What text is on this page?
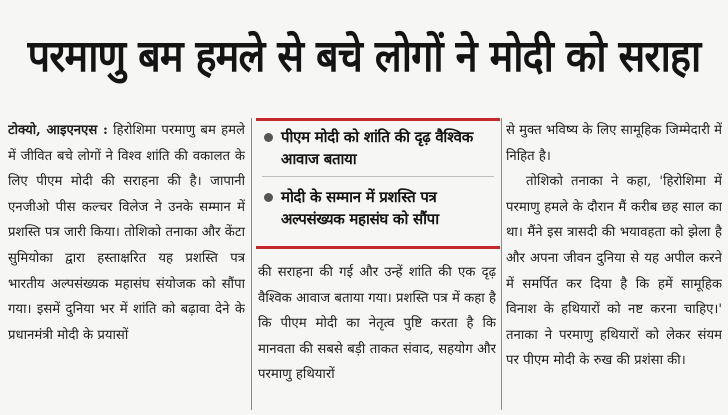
परमाणु बम हमले से बचे लोगों ने मोदी को सराहा

टोक्यो, आइएनएस : हिरोशिमा परमाणु बम हमले में जीवित बचे लोगों ने विश्व शांति की वकालत के लिए पीएम मोदी की सराहना की है। जापानी एनजीओ पीस कल्चर विलेज ने उनके सम्मान में प्रशस्ति पत्र जारी किया। तोशिको तनाका और केंटा सुमियोका द्वारा हस्ताक्षरित यह प्रशस्ति पत्र भारतीय अल्पसंख्यक महासंघ संयोजक को सौंपा गया। इसमें दुनिया भर में शांति को बढ़ावा देने के प्रधानमंत्री मोदी के प्रयासों

पीएम मोदी को शांति की दृढ़ वैश्विक आवाज बताया
मोदी के सम्मान में प्रशस्ति पत्र अल्पसंख्यक महासंघ को सौंपा

की सराहना की गई और उन्हें शांति की एक दृढ़ वैश्विक आवाज बताया गया। प्रशस्ति पत्र में कहा है कि पीएम मोदी का नेतृत्व पुष्टि करता है कि मानवता की सबसे बड़ी ताकत संवाद, सहयोग और परमाणु हथियारों

से मुक्त भविष्य के लिए सामूहिक जिम्मेदारी में निहित है।

तोशिको तनाका ने कहा, 'हिरोशिमा में परमाणु हमले के दौरान मैं करीब छह साल का था। मैंने इस त्रासदी की भयावहता को झेला है और अपना जीवन दुनिया से यह अपील करने में समर्पित कर दिया है कि हमें सामूहिक विनाश के हथियारों को नष्ट करना चाहिए।' तनाका ने परमाणु हथियारों को लेकर संयम पर पीएम मोदी के रुख की प्रशंसा की।
